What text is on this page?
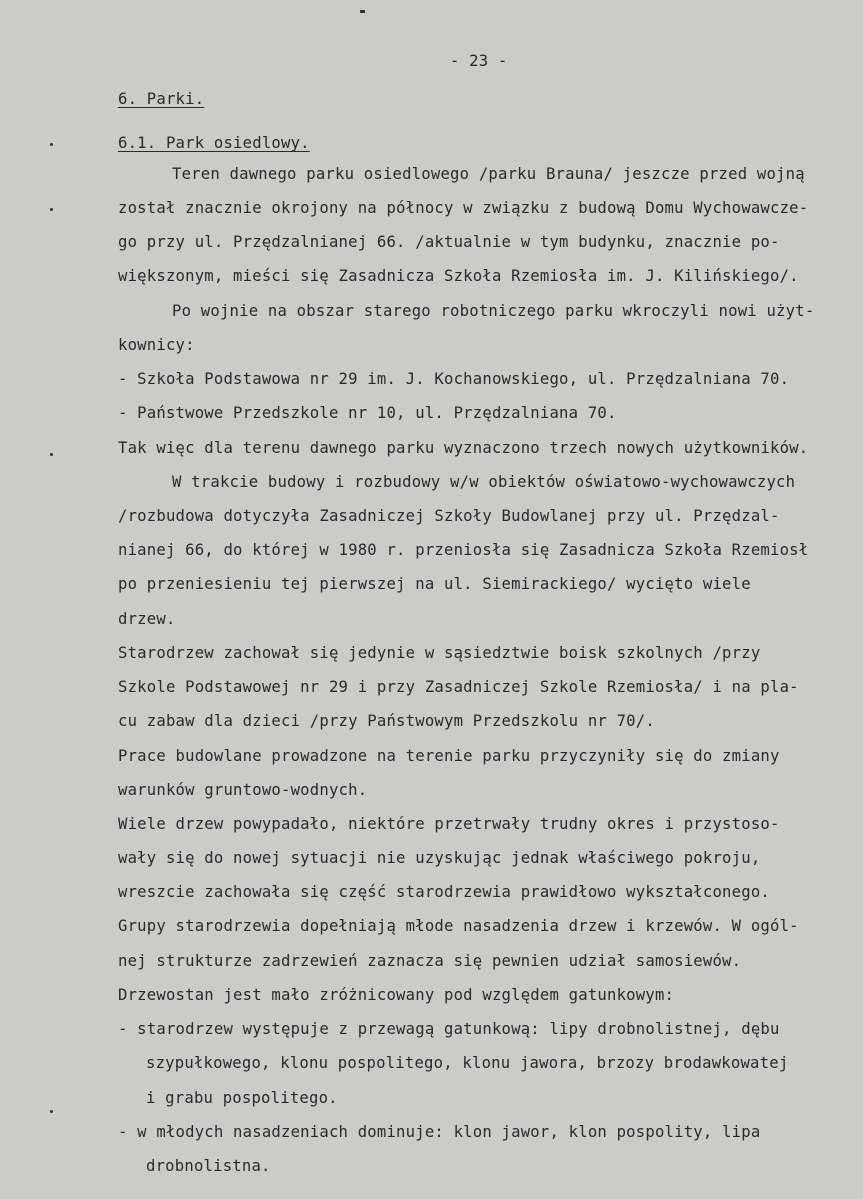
- 23 -
6. Parki.
6.1. Park osiedlowy.
Teren dawnego parku osiedlowego /parku Brauna/ jeszcze przed wojną
został znacznie okrojony na północy w związku z budową Domu Wychowawcze-
go przy ul. Przędzalnianej 66. /aktualnie w tym budynku, znacznie po-
większonym, mieści się Zasadnicza Szkoła Rzemiosła im. J. Kilińskiego/.
Po wojnie na obszar starego robotniczego parku wkroczyli nowi użyt-
kownicy:
- Szkoła Podstawowa nr 29 im. J. Kochanowskiego, ul. Przędzalniana 70.
- Państwowe Przedszkole nr 10, ul. Przędzalniana 70.
Tak więc dla terenu dawnego parku wyznaczono trzech nowych użytkowników.
W trakcie budowy i rozbudowy w/w obiektów oświatowo-wychowawczych
/rozbudowa dotyczyła Zasadniczej Szkoły Budowlanej przy ul. Przędzal-
nianej 66, do której w 1980 r. przeniosła się Zasadnicza Szkoła Rzemiosł
po przeniesieniu tej pierwszej na ul. Siemirackiego/ wycięto wiele
drzew.
Starodrzew zachował się jedynie w sąsiedztwie boisk szkolnych /przy
Szkole Podstawowej nr 29 i przy Zasadniczej Szkole Rzemiosła/ i na pla-
cu zabaw dla dzieci /przy Państwowym Przedszkolu nr 70/.
Prace budowlane prowadzone na terenie parku przyczyniły się do zmiany
warunków gruntowo-wodnych.
Wiele drzew powypadało, niektóre przetrwały trudny okres i przystoso-
wały się do nowej sytuacji nie uzyskując jednak właściwego pokroju,
wreszcie zachowała się część starodrzewia prawidłowo wykształconego.
Grupy starodrzewia dopełniają młode nasadzenia drzew i krzewów. W ogól-
nej strukturze zadrzewień zaznacza się pewnien udział samosiewów.
Drzewostan jest mało zróżnicowany pod względem gatunkowym:
- starodrzew występuje z przewagą gatunkową: lipy drobnolistnej, dębu
szypułkowego, klonu pospolitego, klonu jawora, brzozy brodawkowatej
i grabu pospolitego.
- w młodych nasadzeniach dominuje: klon jawor, klon pospolity, lipa
drobnolistna.
